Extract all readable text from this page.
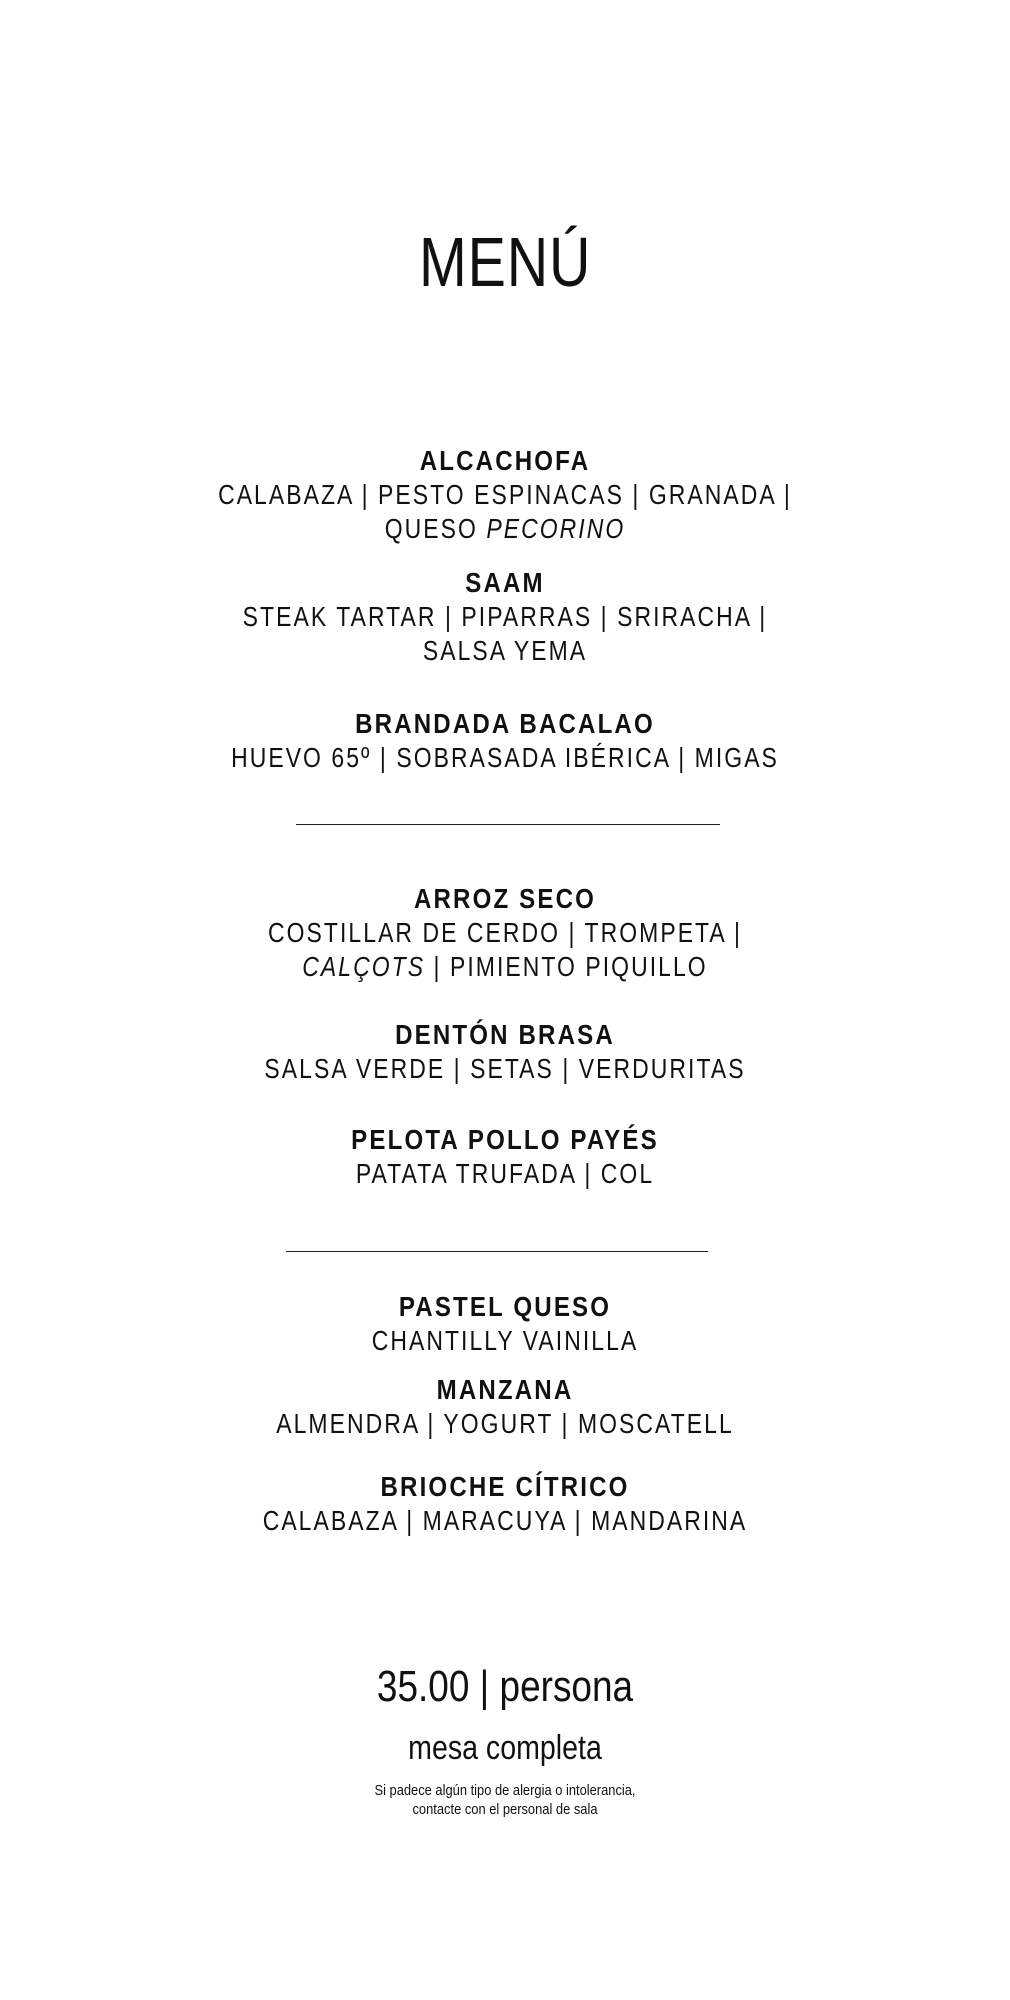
MENÚ
ALCACHOFA
CALABAZA | PESTO ESPINACAS | GRANADA |
QUESO PECORINO
SAAM
STEAK TARTAR | PIPARRAS | SRIRACHA |
SALSA YEMA
BRANDADA BACALAO
HUEVO 65º | SOBRASADA IBÉRICA | MIGAS
ARROZ SECO
COSTILLAR DE CERDO | TROMPETA |
CALÇOTS | PIMIENTO PIQUILLO
DENTÓN BRASA
SALSA VERDE | SETAS | VERDURITAS
PELOTA POLLO PAYÉS
PATATA TRUFADA | COL
PASTEL QUESO
CHANTILLY VAINILLA
MANZANA
ALMENDRA | YOGURT | MOSCATELL
BRIOCHE CÍTRICO
CALABAZA | MARACUYA | MANDARINA
35.00 | persona
mesa completa
Si padece algún tipo de alergia o intolerancia,
contacte con el personal de sala
